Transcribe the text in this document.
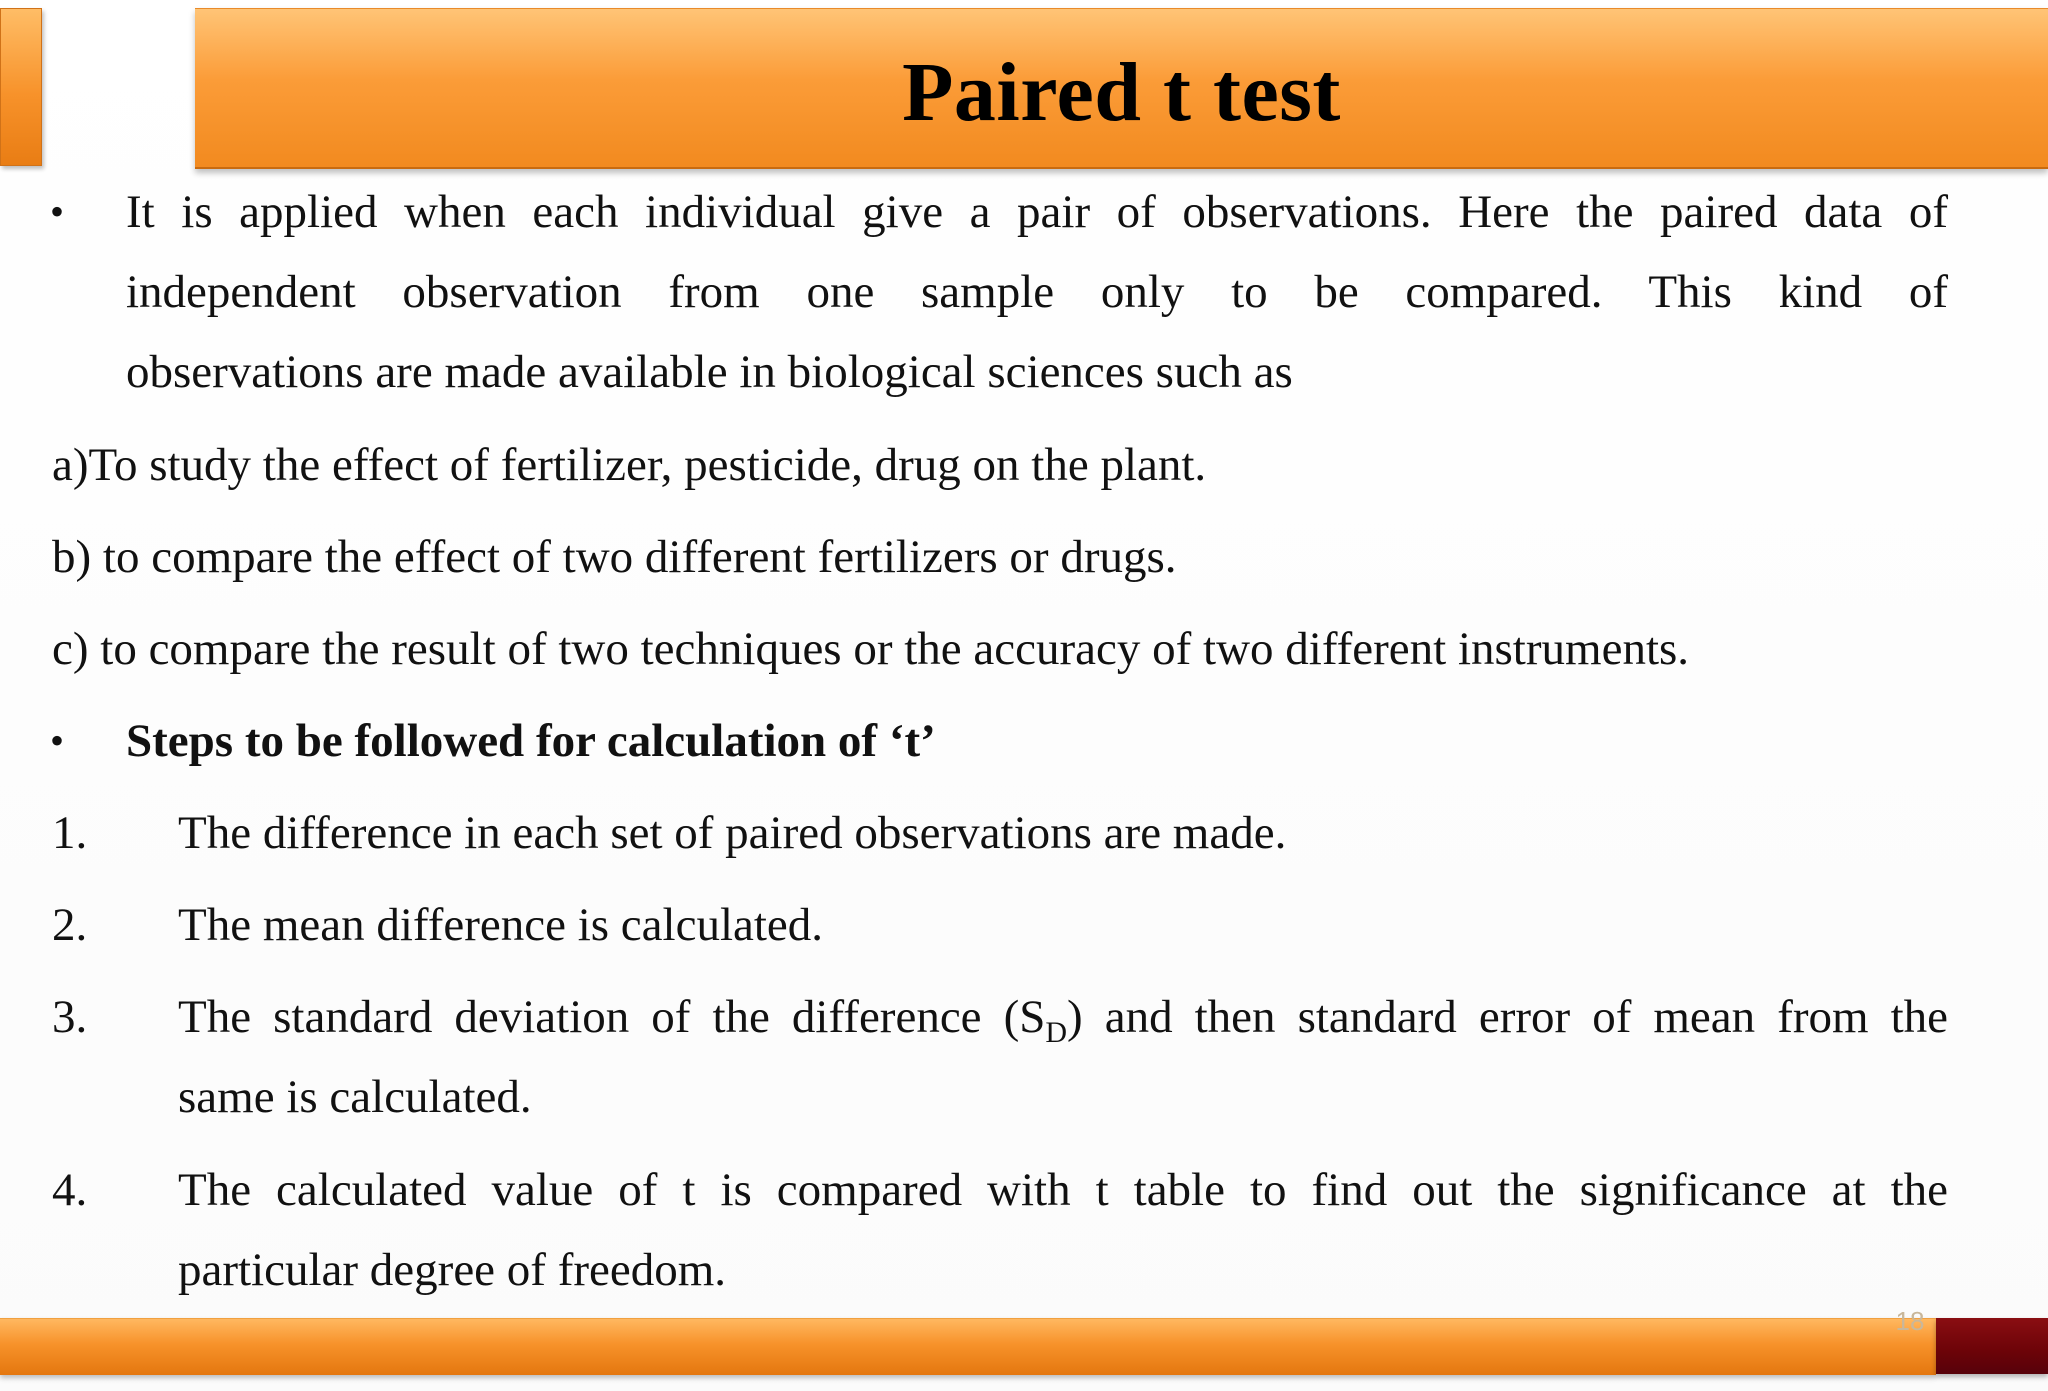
Paired t test
• It is applied when each individual give a pair of observations. Here the paired data of
independent observation from one sample only to be compared. This kind of
observations are made available in biological sciences such as
a)To study the effect of fertilizer, pesticide, drug on the plant.
b) to compare the effect of two different fertilizers or drugs.
c) to compare the result of two techniques or the accuracy of two different instruments.
• Steps to be followed for calculation of ‘t’
1. The difference in each set of paired observations are made.
2. The mean difference is calculated.
3. The standard deviation of the difference $(S_D)$ and then standard error of mean from the
same is calculated.
4. The calculated value of t is compared with t table to find out the significance at the
particular degree of freedom.
18
